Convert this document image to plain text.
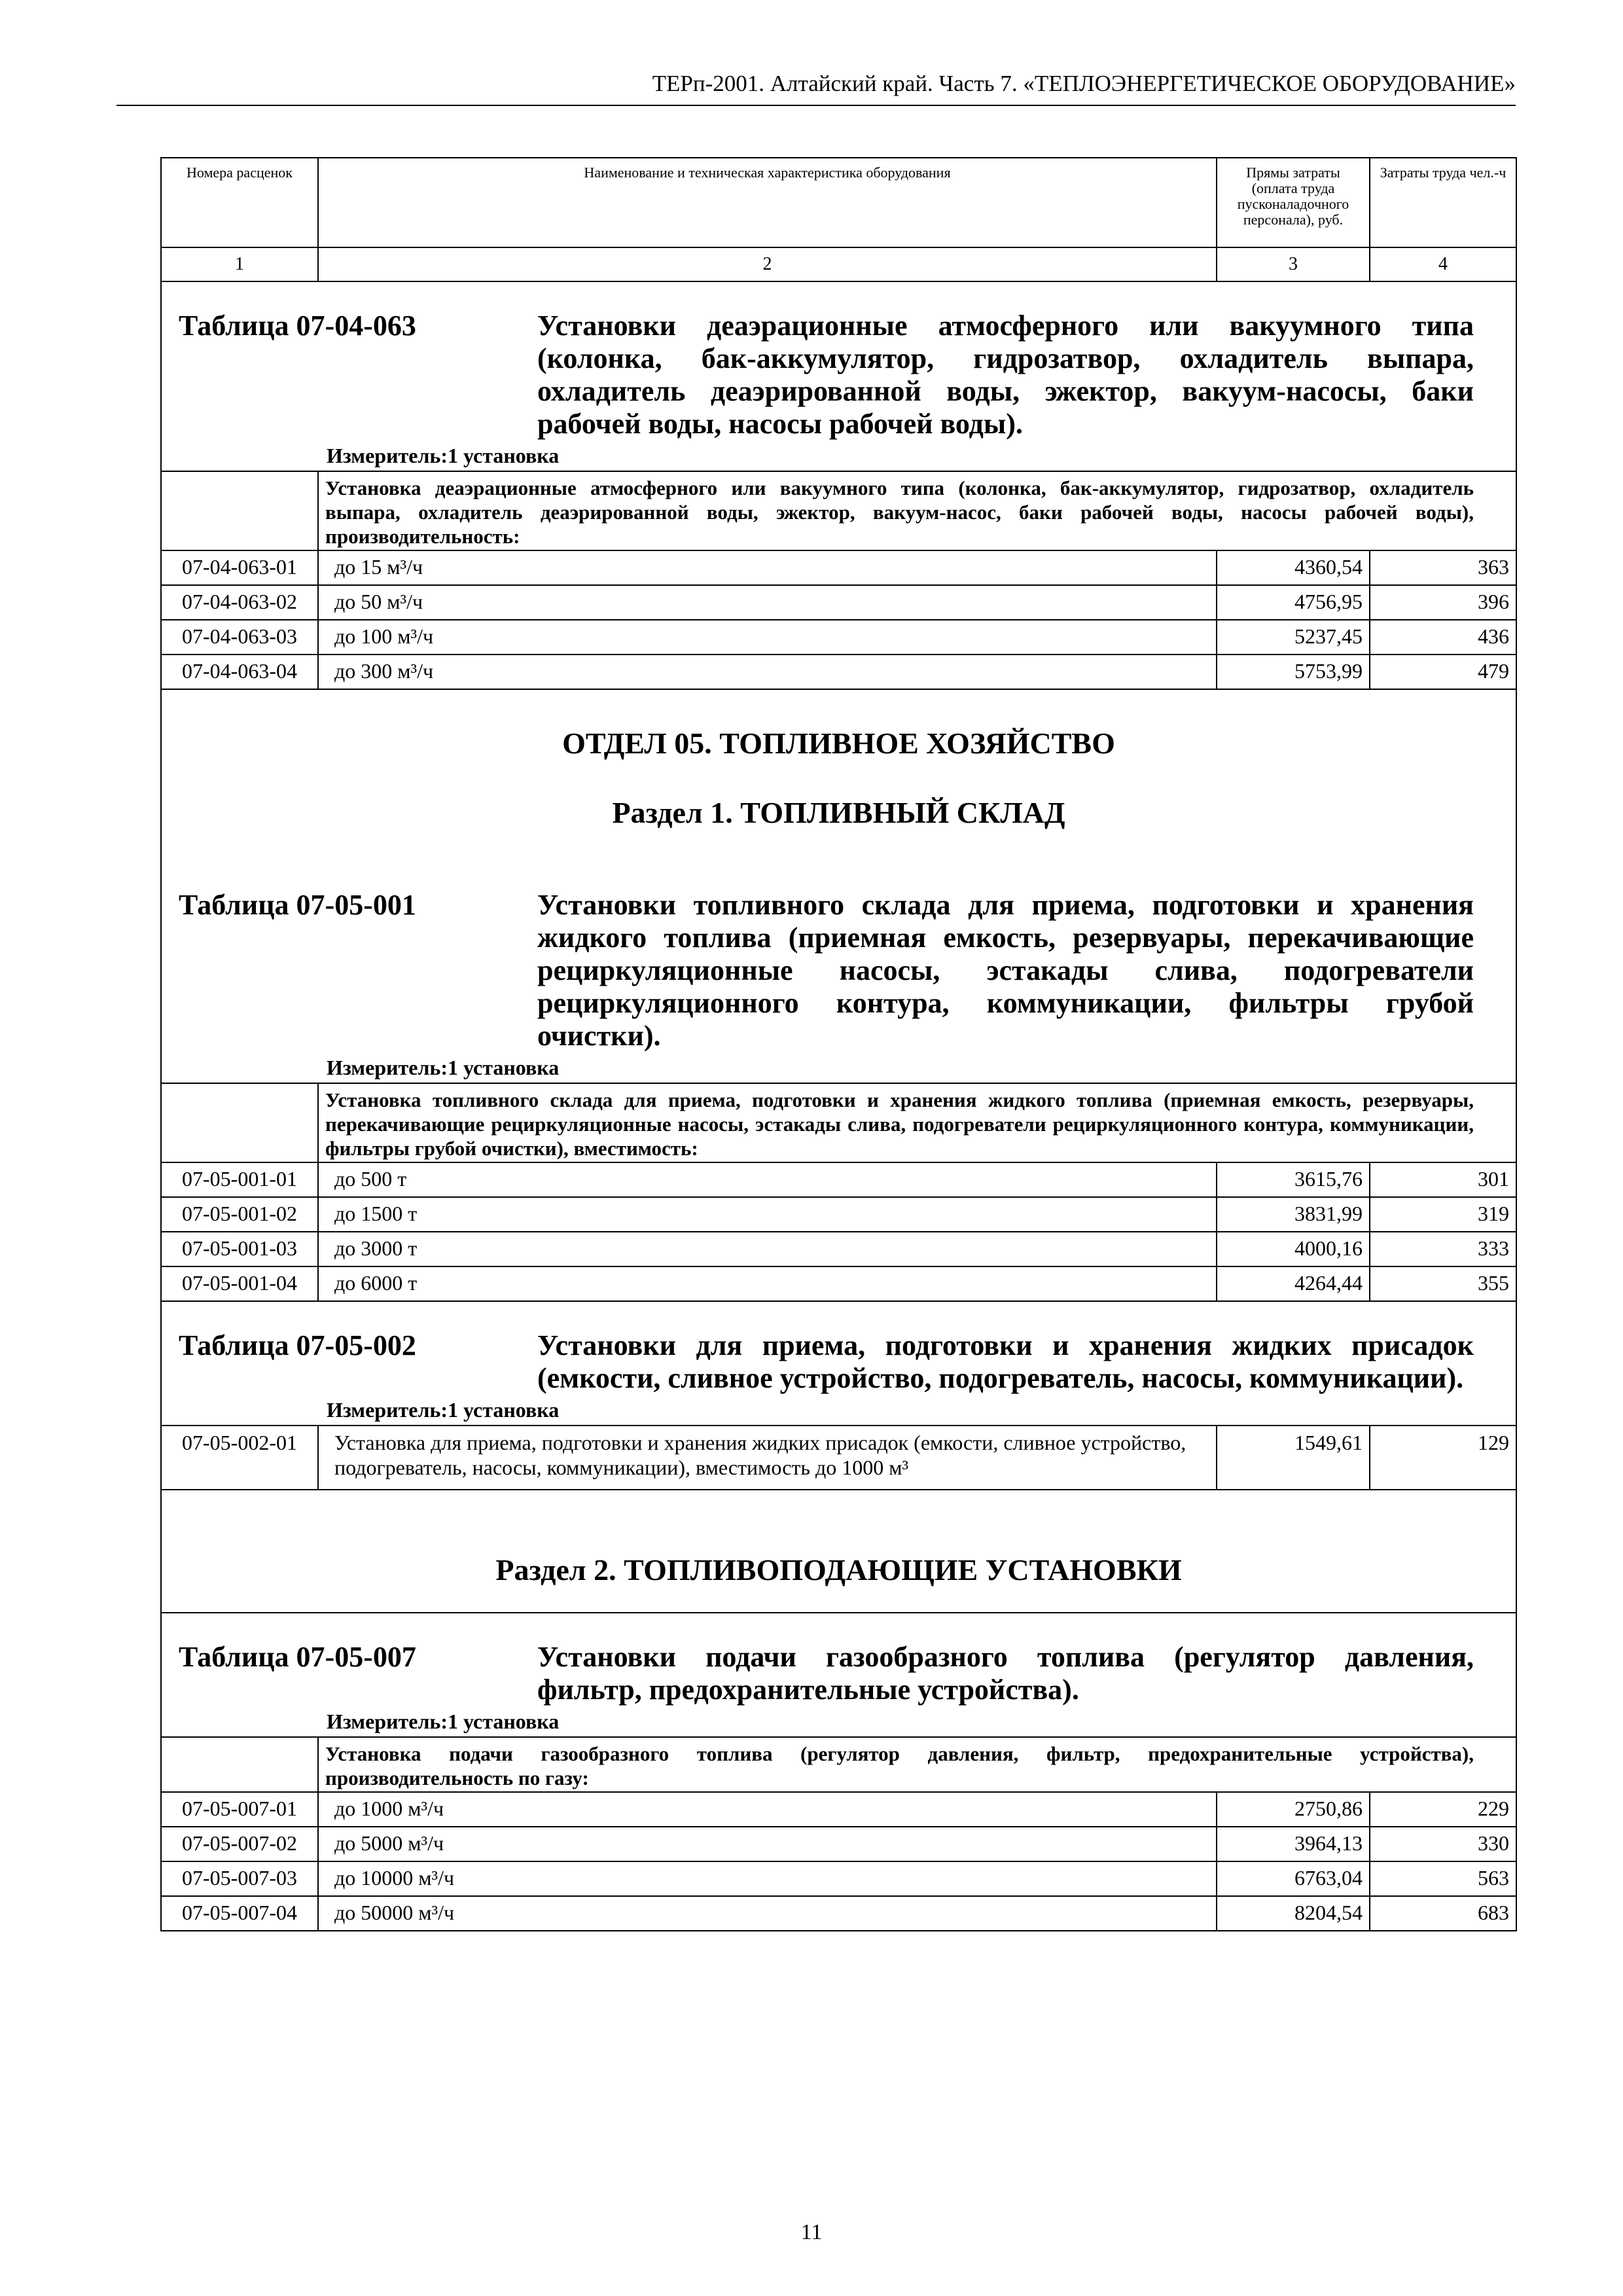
ТЕРп-2001. Алтайский край. Часть 7. «ТЕПЛОЭНЕРГЕТИЧЕСКОЕ ОБОРУДОВАНИЕ»
Номера расценок	Наименование и техническая характеристика оборудования	Прямы затраты (оплата труда пусконаладочного персонала), руб.	Затраты труда чел.-ч
1	2	3	4

Таблица 07-04-063 Установки деаэрационные атмосферного или вакуумного типа (колонка, бак-аккумулятор, гидрозатвор, охладитель выпара, охладитель деаэрированной воды, эжектор, вакуум-насосы, баки рабочей воды, насосы рабочей воды).			

Измеритель:1 установка			

	Установка деаэрационные атмосферного или вакуумного типа (колонка, бак-аккумулятор, гидрозатвор, охладитель выпара, охладитель деаэрированной воды, эжектор, вакуум-насос, баки рабочей воды, насосы рабочей воды), производительность:		
07-04-063-01	до 15 м³/ч	4360,54	363
07-04-063-02	до 50 м³/ч	4756,95	396
07-04-063-03	до 100 м³/ч	5237,45	436
07-04-063-04	до 300 м³/ч	5753,99	479
ОТДЕЛ 05. ТОПЛИВНОЕ ХОЗЯЙСТВО			
Раздел 1. ТОПЛИВНЫЙ СКЛАД			

Таблица 07-05-001 Установки топливного склада для приема, подготовки и хранения жидкого топлива (приемная емкость, резервуары, перекачивающие рециркуляционные насосы, эстакады слива, подогреватели рециркуляционного контура, коммуникации, фильтры грубой очистки).			

Измеритель:1 установка			

	Установка топливного склада для приема, подготовки и хранения жидкого топлива (приемная емкость, резервуары, перекачивающие рециркуляционные насосы, эстакады слива, подогреватели рециркуляционного контура, коммуникации, фильтры грубой очистки), вместимость:		
07-05-001-01	до 500 т	3615,76	301
07-05-001-02	до 1500 т	3831,99	319
07-05-001-03	до 3000 т	4000,16	333
07-05-001-04	до 6000 т	4264,44	355

Таблица 07-05-002 Установки для приема, подготовки и хранения жидких присадок (емкости, сливное устройство, подогреватель, насосы, коммуникации).			

Измеритель:1 установка			

07-05-002-01	Установка для приема, подготовки и хранения жидких присадок (емкости, сливное устройство, подогреватель, насосы, коммуникации), вместимость до 1000 м³	1549,61	129
Раздел 2. ТОПЛИВОПОДАЮЩИЕ УСТАНОВКИ			

Таблица 07-05-007 Установки подачи газообразного топлива (регулятор давления, фильтр, предохранительные устройства).			

Измеритель:1 установка			

	Установка подачи газообразного топлива (регулятор давления, фильтр, предохранительные устройства), производительность по газу:		
07-05-007-01	до 1000 м³/ч	2750,86	229
07-05-007-02	до 5000 м³/ч	3964,13	330
07-05-007-03	до 10000 м³/ч	6763,04	563
07-05-007-04	до 50000 м³/ч	8204,54	683
11
